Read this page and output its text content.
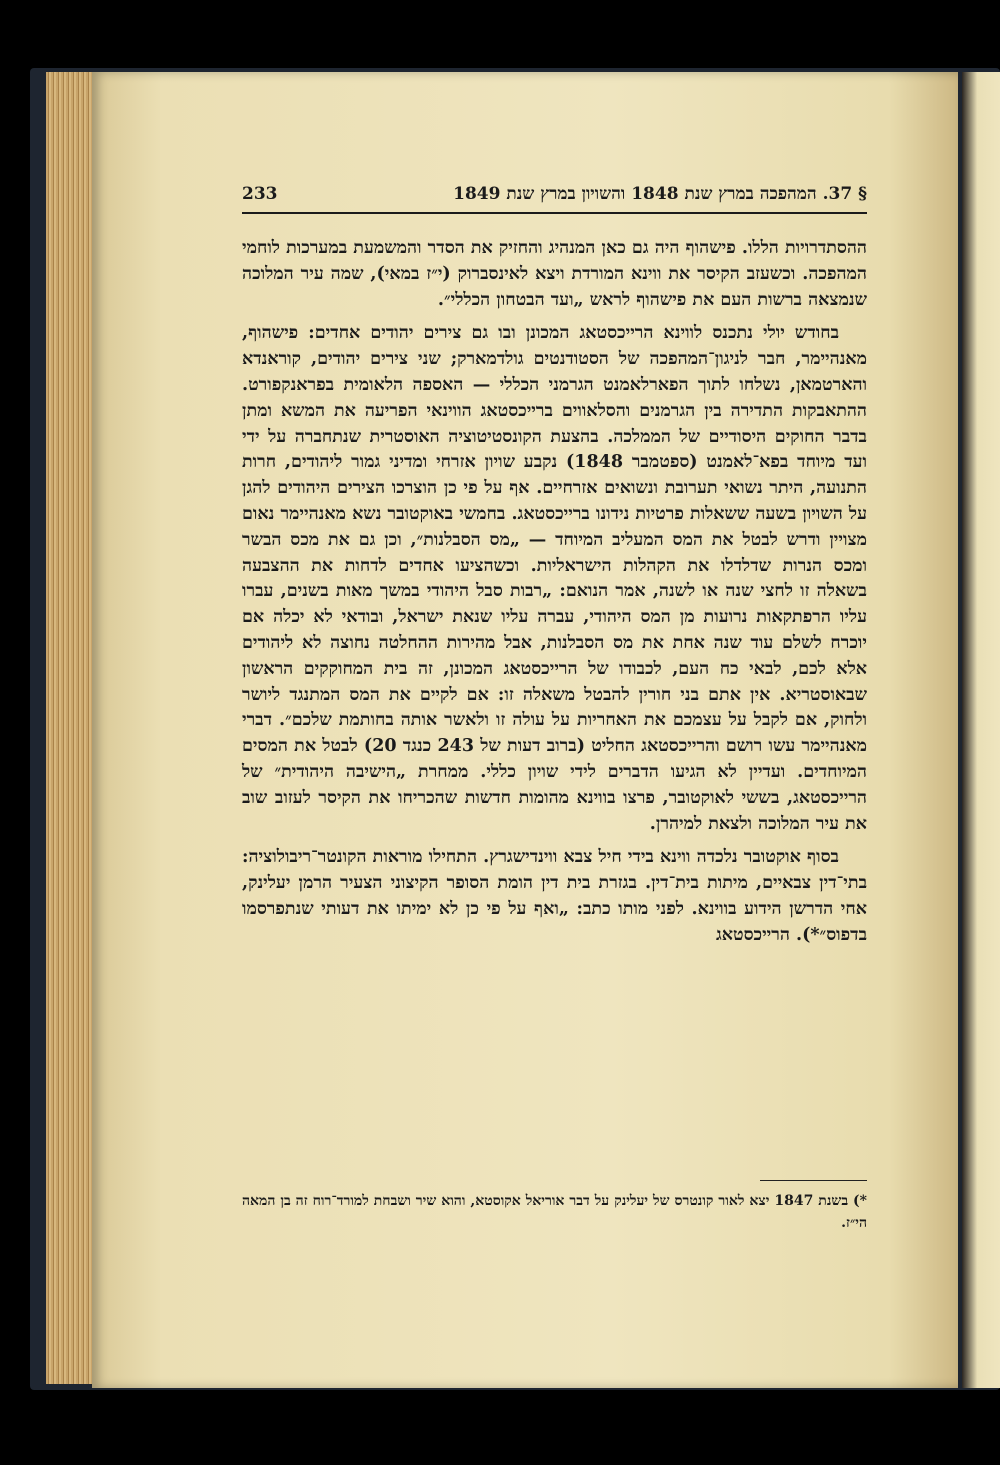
§ 37. המהפכה במרץ שנת 1848 והשויון במרץ שנת 1849
233

ההסתדרויות הללו. פישהוף היה גם כאן המנהיג והחזיק את הסדר והמשמעת במערכות לוחמי המהפכה. וכשעזב הקיסר את ווינא המורדת ויצא לאינסברוק (י״ז במאי), שמה עיר המלוכה שנמצאה ברשות העם את פישהוף לראש „ועד הבטחון הכללי״.

בחודש יולי נתכנס לווינא הרייכסטאג המכונן ובו גם צירים יהודים אחדים: פישהוף, מאנהיימר, חבר לניגון־המהפכה של הסטודנטים גולדמארק; שני צירים יהודים, קוראנדא והארטמאן, נשלחו לתוך הפארלאמנט הגרמני הכללי — האספה הלאומית בפראנקפורט. ההתאבקות התדירה בין הגרמנים והסלאווים ברייכסטאג הווינאי הפריעה את המשא ומתן בדבר החוקים היסודיים של הממלכה. בהצעת הקונסטיטוציה האוסטרית שנתחברה על ידי ועד מיוחד בפא־לאמנט (ספטמבר 1848) נקבע שויון אזרחי ומדיני גמור ליהודים, חרות התנועה, היתר נשואי תערובת ונשואים אזרחיים. אף על פי כן הוצרכו הצירים היהודים להגן על השויון בשעה ששאלות פרטיות נידונו ברייכסטאג. בחמשי באוקטובר נשא מאנהיימר נאום מצויין ודרש לבטל את המס המעליב המיוחד — „מס הסבלנות״, וכן גם את מכס הבשר ומכס הנרות שדלדלו את הקהלות הישראליות. וכשהציעו אחדים לדחות את ההצבעה בשאלה זו לחצי שנה או לשנה, אמר הנואם: „רבות סבל היהודי במשך מאות בשנים, עברו עליו הרפתקאות נרועות מן המס היהודי, עברה עליו שנאת ישראל, ובודאי לא יכלה אם יוכרח לשלם עוד שנה אחת את מס הסבלנות, אבל מהירות ההחלטה נחוצה לא ליהודים אלא לכם, לבאי כח העם, לכבודו של הרייכסטאג המכונן, זה בית המחוקקים הראשון שבאוסטריא. אין אתם בני חורין להבטל משאלה זו: אם לקיים את המס המתנגד ליושר ולחוק, אם לקבל על עצמכם את האחריות על עולה זו ולאשר אותה בחותמת שלכם״. דברי מאנהיימר עשו רושם והרייכסטאג החליט (ברוב דעות של 243 כנגד 20) לבטל את המסים המיוחדים. ועדיין לא הגיעו הדברים לידי שויון כללי. ממחרת „הישיבה היהודית״ של הרייכסטאג, בששי לאוקטובר, פרצו בווינא מהומות חדשות שהכריחו את הקיסר לעזוב שוב את עיר המלוכה ולצאת למיהרן.

בסוף אוקטובר נלכדה ווינא בידי חיל צבא ווינדישגרץ. התחילו מוראות הקונטר־ריבולוציה: בתי־דין צבאיים, מיתות בית־דין. בגזרת בית דין הומת הסופר הקיצוני הצעיר הרמן יעלינק, אחי הדרשן הידוע בווינא. לפני מותו כתב: „ואף על פי כן לא ימיתו את דעותי שנתפרסמו בדפוס״*). הרייכסטאג

*) בשנת 1847 יצא לאור קונטרס של יעלינק על דבר אוריאל אקוסטא, והוא שיר ושבחת למורד־רוח זה בן המאה הי״ז.
